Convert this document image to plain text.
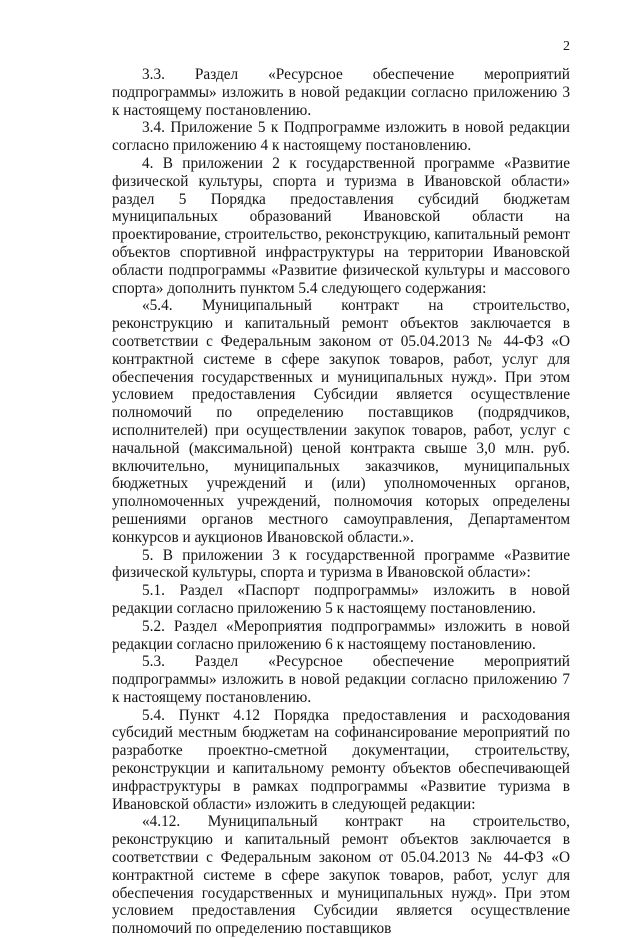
2

3.3. Раздел «Ресурсное обеспечение мероприятий подпрограммы» изложить в новой редакции согласно приложению 3 к настоящему постановлению.

3.4. Приложение 5 к Подпрограмме изложить в новой редакции согласно приложению 4 к настоящему постановлению.

4. В приложении 2 к государственной программе «Развитие физической культуры, спорта и туризма в Ивановской области» раздел 5 Порядка предоставления субсидий бюджетам муниципальных образований Ивановской области на проектирование, строительство, реконструкцию, капитальный ремонт объектов спортивной инфраструктуры на территории Ивановской области подпрограммы «Развитие физической культуры и массового спорта» дополнить пунктом 5.4 следующего содержания:

«5.4. Муниципальный контракт на строительство, реконструкцию и капитальный ремонт объектов заключается в соответствии с Федеральным законом от 05.04.2013 № 44-ФЗ «О контрактной системе в сфере закупок товаров, работ, услуг для обеспечения государственных и муниципальных нужд». При этом условием предоставления Субсидии является осуществление полномочий по определению поставщиков (подрядчиков, исполнителей) при осуществлении закупок товаров, работ, услуг с начальной (максимальной) ценой контракта свыше 3,0 млн. руб. включительно, муниципальных заказчиков, муниципальных бюджетных учреждений и (или) уполномоченных органов, уполномоченных учреждений, полномочия которых определены решениями органов местного самоуправления, Департаментом конкурсов и аукционов Ивановской области.».

5. В приложении 3 к государственной программе «Развитие физической культуры, спорта и туризма в Ивановской области»:

5.1. Раздел «Паспорт подпрограммы» изложить в новой редакции согласно приложению 5 к настоящему постановлению.

5.2. Раздел «Мероприятия подпрограммы» изложить в новой редакции согласно приложению 6 к настоящему постановлению.

5.3. Раздел «Ресурсное обеспечение мероприятий подпрограммы» изложить в новой редакции согласно приложению 7 к настоящему постановлению.

5.4. Пункт 4.12 Порядка предоставления и расходования субсидий местным бюджетам на софинансирование мероприятий по разработке проектно-сметной документации, строительству, реконструкции и капитальному ремонту объектов обеспечивающей инфраструктуры в рамках подпрограммы «Развитие туризма в Ивановской области» изложить в следующей редакции:

«4.12. Муниципальный контракт на строительство, реконструкцию и капитальный ремонт объектов заключается в соответствии с Федеральным законом от 05.04.2013 № 44-ФЗ «О контрактной системе в сфере закупок товаров, работ, услуг для обеспечения государственных и муниципальных нужд». При этом условием предоставления Субсидии является осуществление полномочий по определению поставщиков
